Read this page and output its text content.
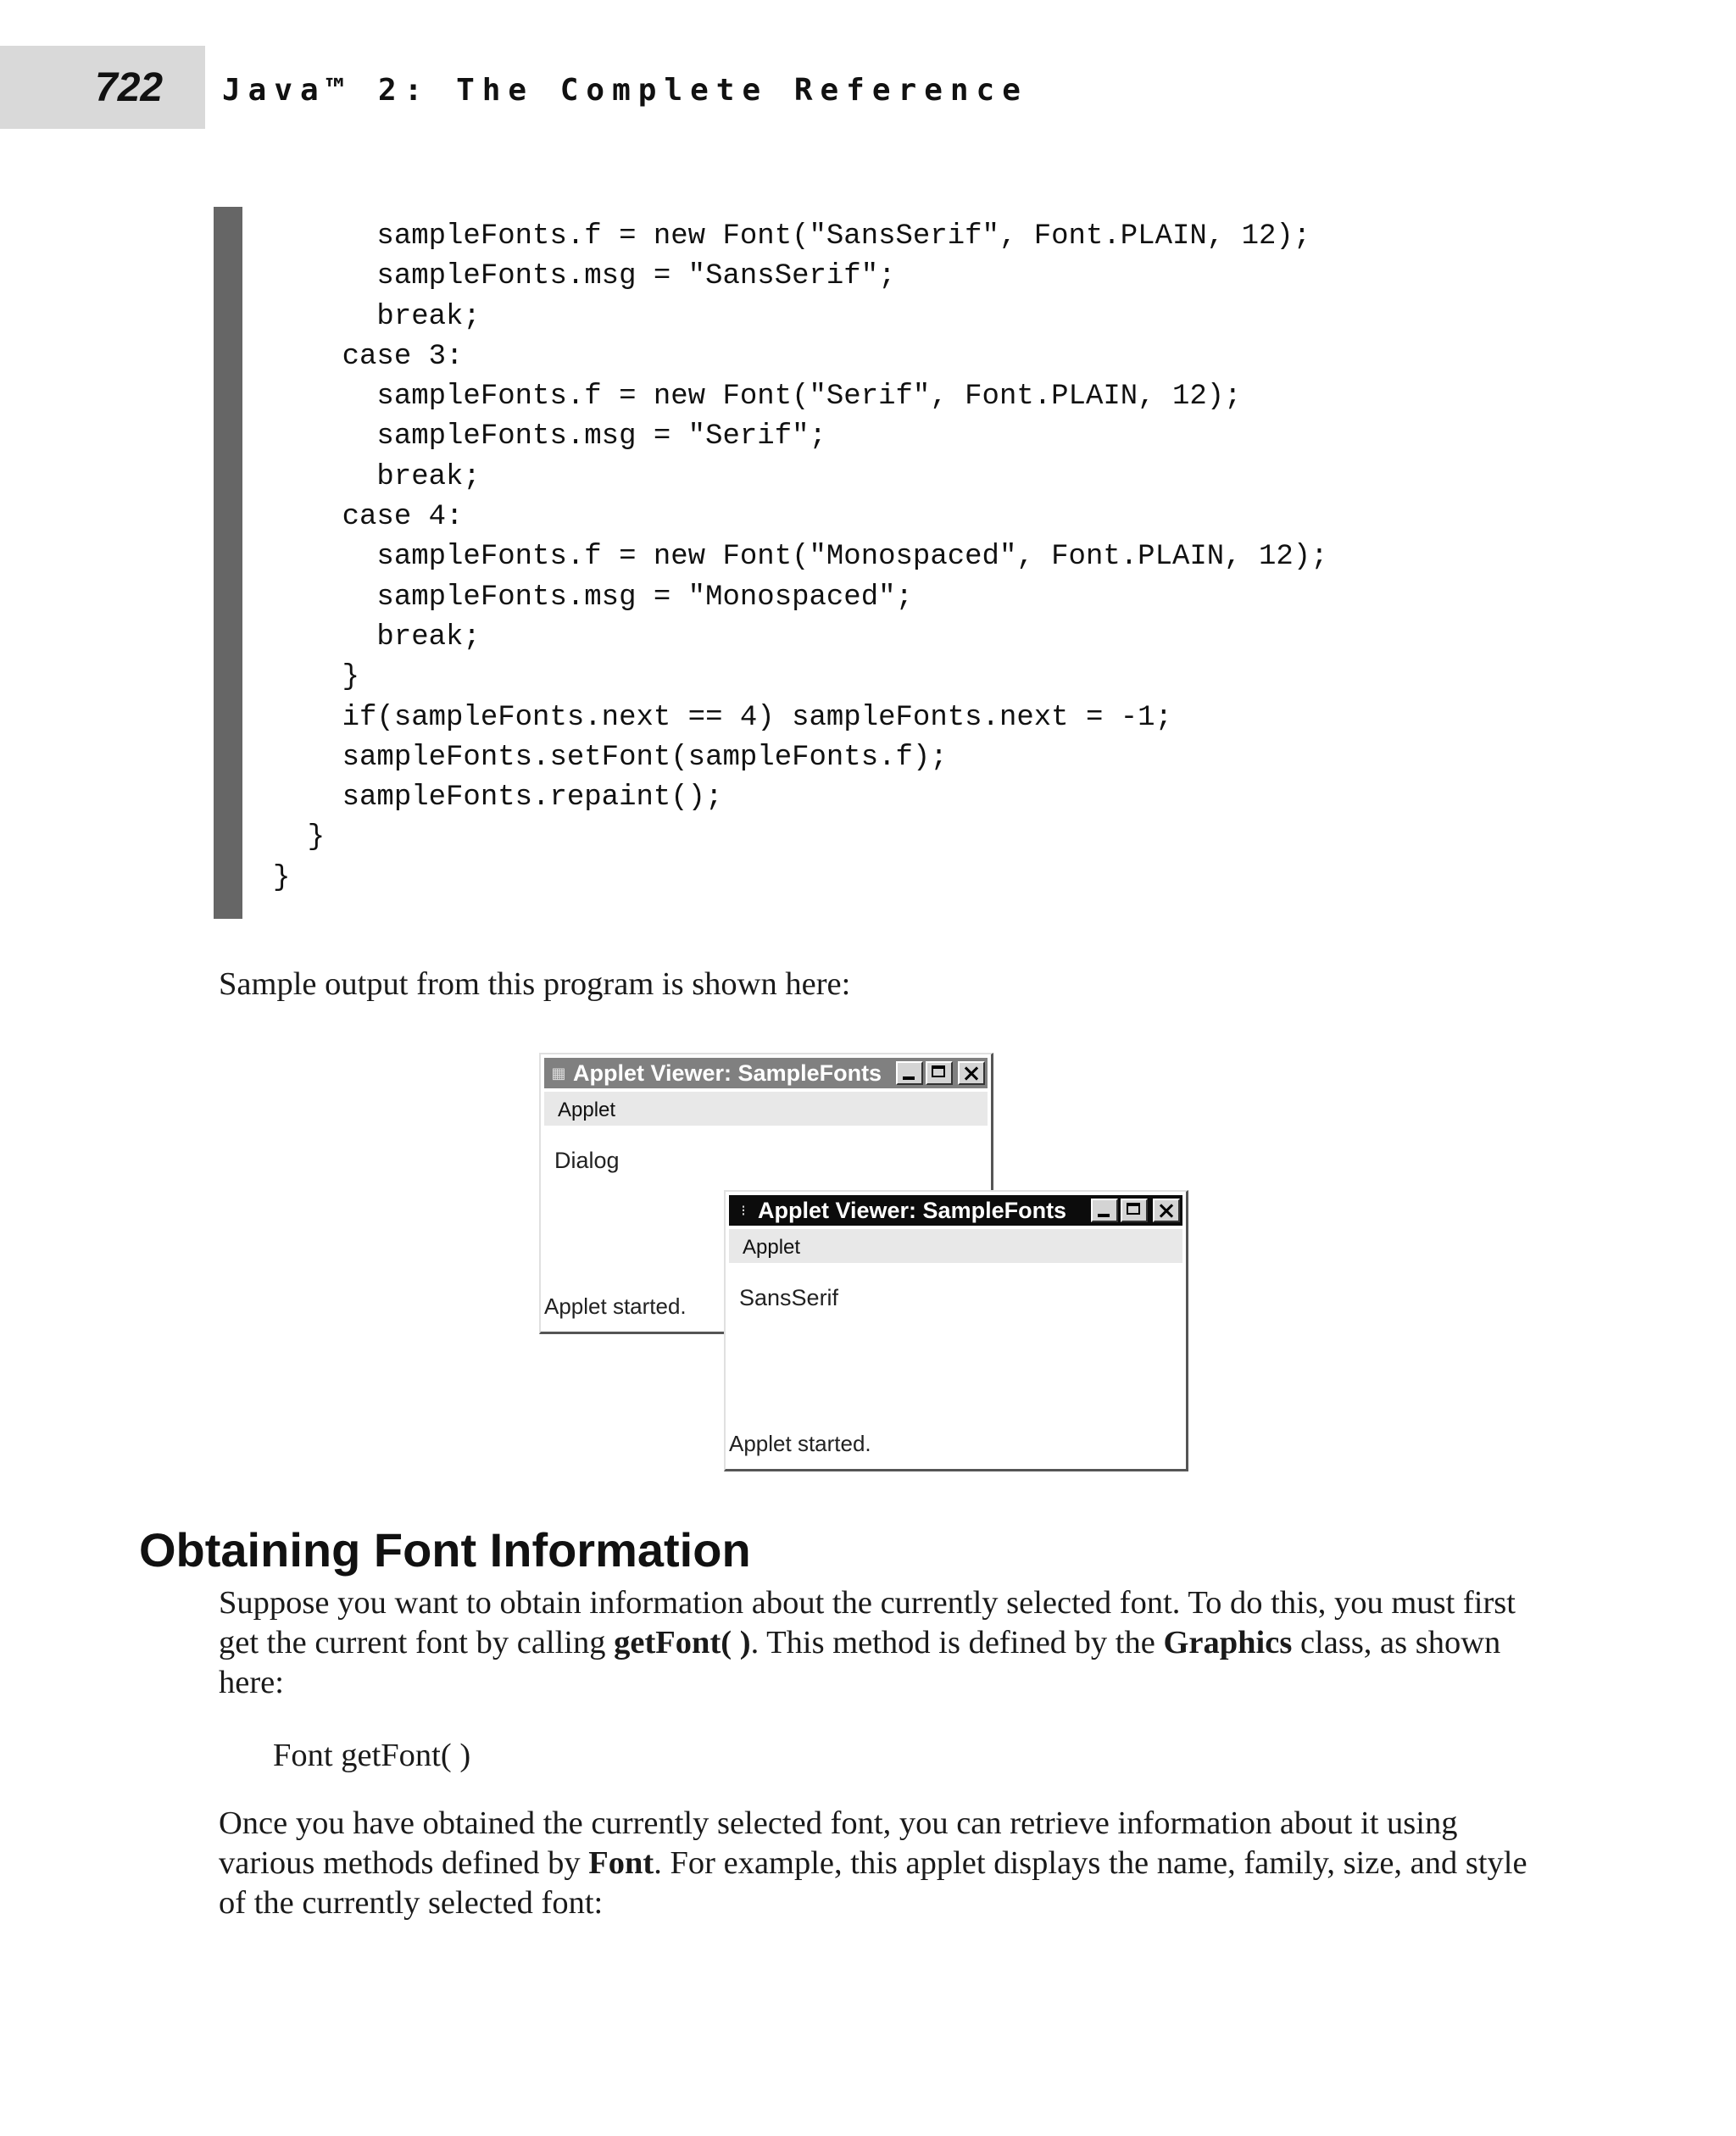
722 Java™ 2: The Complete Reference
sampleFonts.f = new Font("SansSerif", Font.PLAIN, 12);
sampleFonts.msg = "SansSerif";
break;
case 3:
sampleFonts.f = new Font("Serif", Font.PLAIN, 12);
sampleFonts.msg = "Serif";
break;
case 4:
sampleFonts.f = new Font("Monospaced", Font.PLAIN, 12);
sampleFonts.msg = "Monospaced";
break;
}
if(sampleFonts.next == 4) sampleFonts.next = -1;
sampleFonts.setFont(sampleFonts.f);
sampleFonts.repaint();
}
}

Sample output from this program is shown here:

▦ Applet Viewer: SampleFonts
Applet
Dialog
Applet started.
⁝ Applet Viewer: SampleFonts
Applet
SansSerif
Applet started.
Obtaining Font Information

Suppose you want to obtain information about the currently selected font. To do this, you must first get the current font by calling getFont( ). This method is defined by the Graphics class, as shown here:

Font getFont( )

Once you have obtained the currently selected font, you can retrieve information about it using various methods defined by Font. For example, this applet displays the name, family, size, and style of the currently selected font:
